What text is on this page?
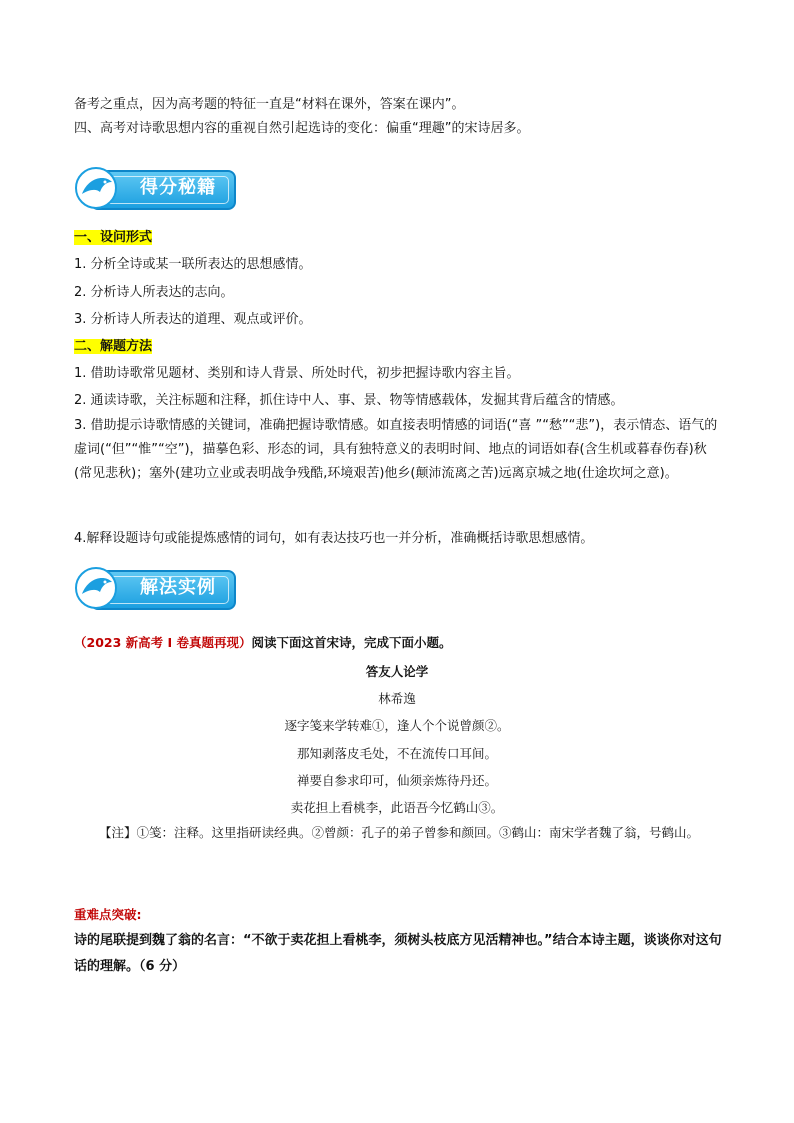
备考之重点，因为高考题的特征一直是“材料在课外，答案在课内”。
四、高考对诗歌思想内容的重视自然引起选诗的变化：偏重“理趣”的宋诗居多。
得分秘籍
一、设问形式
1. 分析全诗或某一联所表达的思想感情。
2. 分析诗人所表达的志向。
3. 分析诗人所表达的道理、观点或评价。
二、解题方法
1. 借助诗歌常见题材、类别和诗人背景、所处时代，初步把握诗歌内容主旨。
2. 通读诗歌，关注标题和注释，抓住诗中人、事、景、物等情感载体，发掘其背后蕴含的情感。
3. 借助提示诗歌情感的关键词，准确把握诗歌情感。如直接表明情感的词语(“喜 ”“愁”“悲”)，表示情态、语气的虚词(“但”“惟”“空”)，描摹色彩、形态的词，具有独特意义的表明时间、地点的词语如春(含生机或暮春伤春)秋(常见悲秋)；塞外(建功立业或表明战争残酷,环境艰苦)他乡(颠沛流离之苦)远离京城之地(仕途坎坷之意)。
4.解释设题诗句或能提炼感情的词句，如有表达技巧也一并分析，准确概括诗歌思想感情。
解法实例
（2023 新高考 I 卷真题再现）阅读下面这首宋诗，完成下面小题。
答友人论学
林希逸
逐字笺来学转难①，逢人个个说曾颜②。
那知剥落皮毛处，不在流传口耳间。
禅要自参求印可，仙须亲炼待丹还。
卖花担上看桃李，此语吾今忆鹤山③。
【注】①笺：注释。这里指研读经典。②曾颜：孔子的弟子曾参和颜回。③鹤山：南宋学者魏了翁，号鹤山。
重难点突破:
诗的尾联提到魏了翁的名言：“不欲于卖花担上看桃李，须树头枝底方见活精神也。”结合本诗主题，谈谈你对这句话的理解。（6 分）
